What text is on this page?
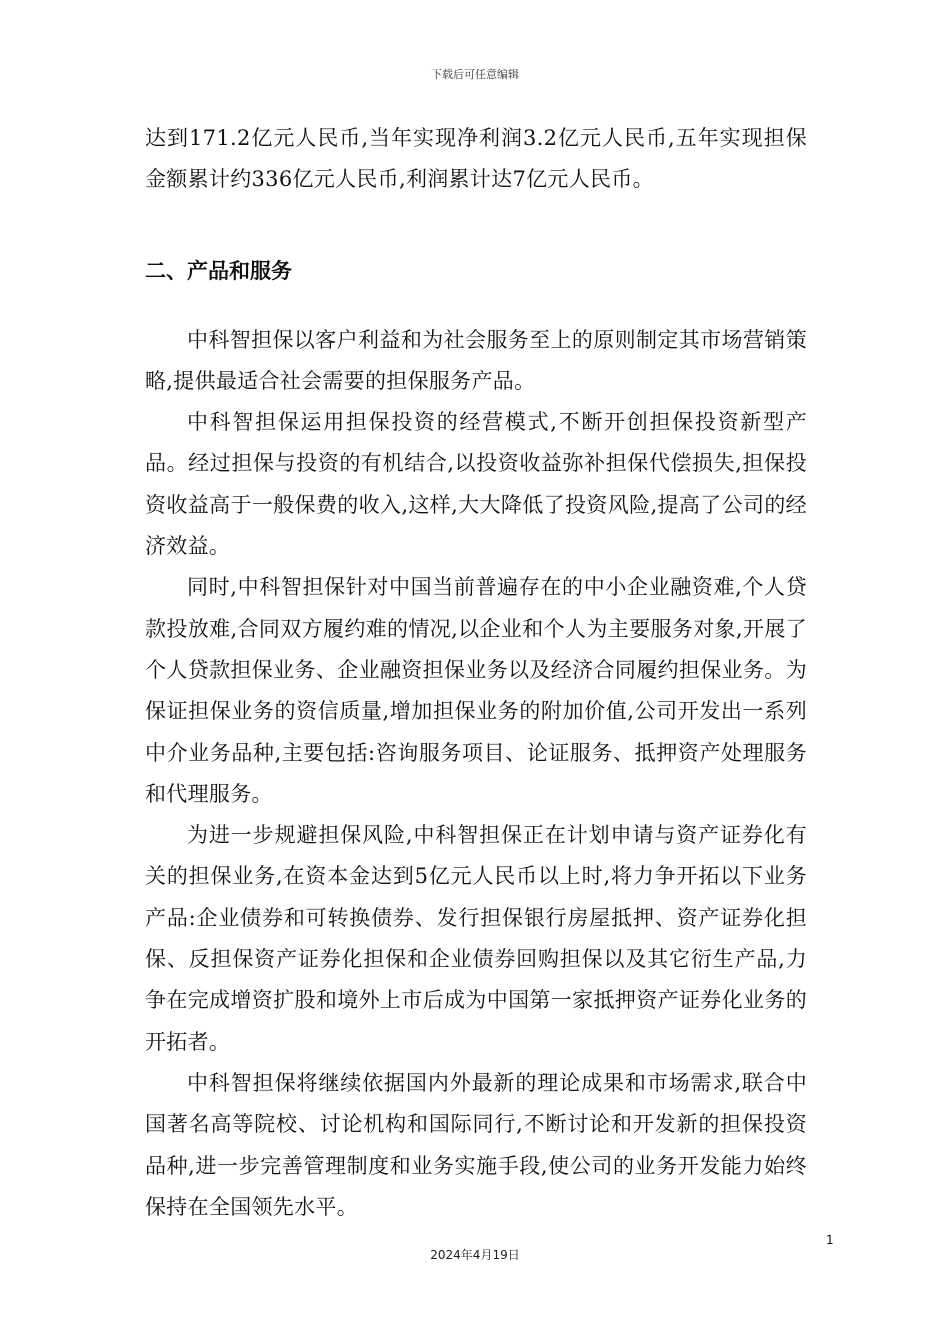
下载后可任意编辑

达到171.2亿元人民币,当年实现净利润3.2亿元人民币,五年实现担保金额累计约336亿元人民币,利润累计达7亿元人民币。

二、产品和服务

中科智担保以客户利益和为社会服务至上的原则制定其市场营销策略,提供最适合社会需要的担保服务产品。

中科智担保运用担保投资的经营模式,不断开创担保投资新型产品。经过担保与投资的有机结合,以投资收益弥补担保代偿损失,担保投资收益高于一般保费的收入,这样,大大降低了投资风险,提高了公司的经济效益。

同时,中科智担保针对中国当前普遍存在的中小企业融资难,个人贷款投放难,合同双方履约难的情况,以企业和个人为主要服务对象,开展了个人贷款担保业务、企业融资担保业务以及经济合同履约担保业务。为保证担保业务的资信质量,增加担保业务的附加价值,公司开发出一系列中介业务品种,主要包括:咨询服务项目、论证服务、抵押资产处理服务和代理服务。

为进一步规避担保风险,中科智担保正在计划申请与资产证券化有关的担保业务,在资本金达到5亿元人民币以上时,将力争开拓以下业务产品:企业债券和可转换债券、发行担保银行房屋抵押、资产证券化担保、反担保资产证券化担保和企业债券回购担保以及其它衍生产品,力争在完成增资扩股和境外上市后成为中国第一家抵押资产证券化业务的开拓者。

中科智担保将继续依据国内外最新的理论成果和市场需求,联合中国著名高等院校、讨论机构和国际同行,不断讨论和开发新的担保投资品种,进一步完善管理制度和业务实施手段,使公司的业务开发能力始终保持在全国领先水平。

1
2024年4月19日
